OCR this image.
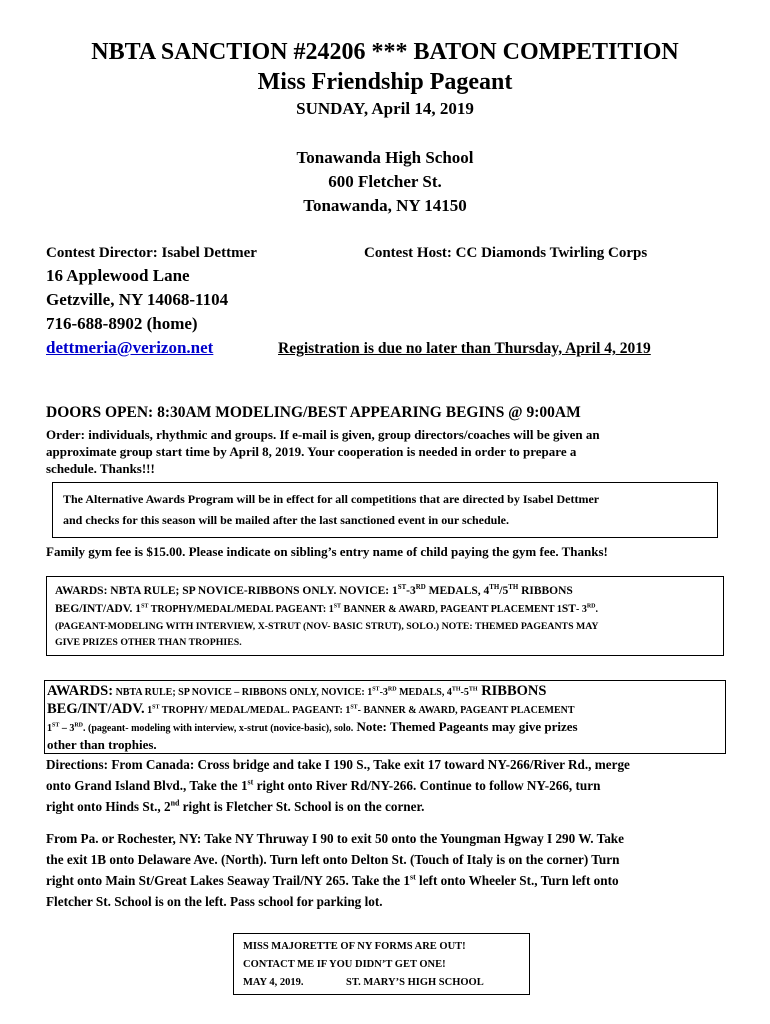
NBTA SANCTION #24206 *** BATON COMPETITION
Miss Friendship Pageant
SUNDAY, April 14, 2019
Tonawanda High School
600 Fletcher St.
Tonawanda, NY 14150
Contest Director: Isabel Dettmer	Contest Host: CC Diamonds Twirling Corps
16 Applewood Lane
Getzville, NY 14068-1104
716-688-8902 (home)
dettmeria@verizon.net	Registration is due no later than Thursday, April 4, 2019
DOORS OPEN: 8:30AM MODELING/BEST APPEARING BEGINS @ 9:00AM
Order: individuals, rhythmic and groups. If e-mail is given, group directors/coaches will be given an
approximate group start time by April 8, 2019. Your cooperation is needed in order to prepare a
schedule. Thanks!!!
The Alternative Awards Program will be in effect for all competitions that are directed by Isabel Dettmer
and checks for this season will be mailed after the last sanctioned event in our schedule.
Family gym fee is $15.00. Please indicate on sibling’s entry name of child paying the gym fee. Thanks!
AWARDS: NBTA RULE; SP NOVICE-RIBBONS ONLY. NOVICE: 1ST-3RD MEDALS, 4TH/5TH RIBBONS
BEG/INT/ADV. 1ST TROPHY/MEDAL/MEDAL PAGEANT: 1ST BANNER & AWARD, PAGEANT PLACEMENT 1ST- 3RD.
(PAGEANT-MODELING WITH INTERVIEW, X-STRUT (NOV- BASIC STRUT), SOLO.) NOTE: THEMED PAGEANTS MAY
GIVE PRIZES OTHER THAN TROPHIES.
AWARDS: NBTA RULE; SP NOVICE – RIBBONS ONLY, NOVICE: 1ST-3RD MEDALS, 4TH-5TH RIBBONS
BEG/INT/ADV. 1ST TROPHY/ MEDAL/MEDAL. PAGEANT: 1ST- BANNER & AWARD, PAGEANT PLACEMENT
1ST – 3RD. (pageant- modeling with interview, x-strut (novice-basic), solo. Note: Themed Pageants may give prizes
other than trophies.
Directions: From Canada: Cross bridge and take I 190 S., Take exit 17 toward NY-266/River Rd., merge
onto Grand Island Blvd., Take the 1st right onto River Rd/NY-266. Continue to follow NY-266, turn
right onto Hinds St., 2nd right is Fletcher St. School is on the corner.
From Pa. or Rochester, NY: Take NY Thruway I 90 to exit 50 onto the Youngman Hgway I 290 W. Take
the exit 1B onto Delaware Ave. (North). Turn left onto Delton St. (Touch of Italy is on the corner) Turn
right onto Main St/Great Lakes Seaway Trail/NY 265. Take the 1st left onto Wheeler St., Turn left onto
Fletcher St. School is on the left. Pass school for parking lot.
MISS MAJORETTE OF NY FORMS ARE OUT!
CONTACT ME IF YOU DIDN’T GET ONE!
MAY 4, 2019.	ST. MARY’S HIGH SCHOOL
